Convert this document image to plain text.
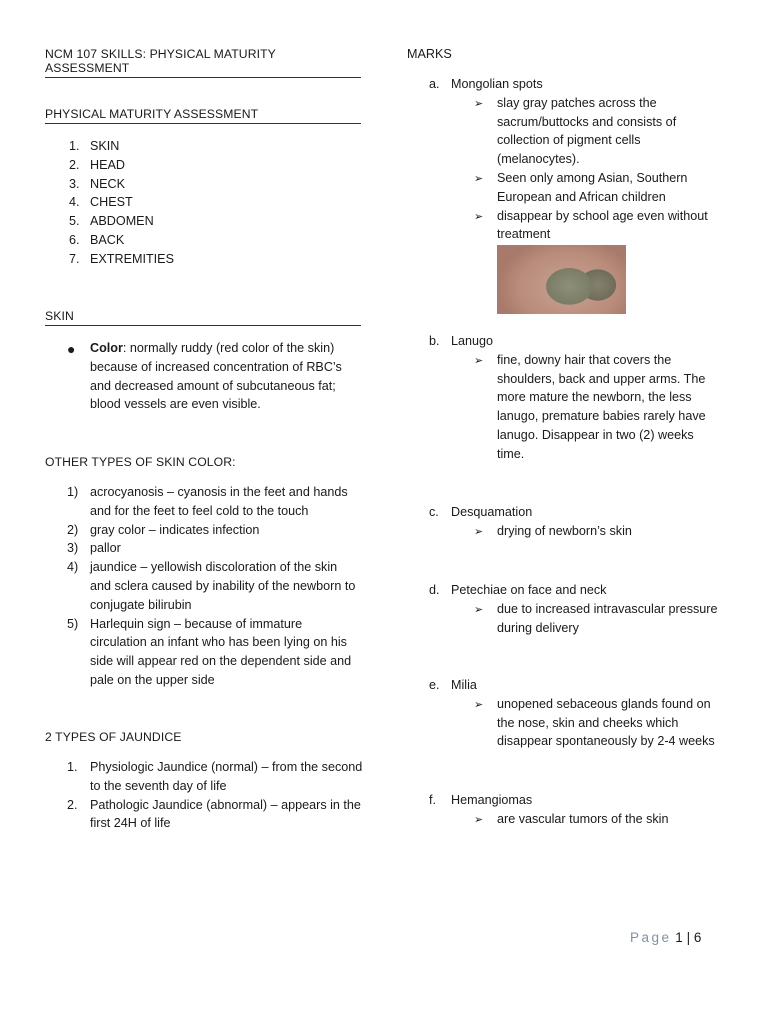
NCM 107 SKILLS: PHYSICAL MATURITY ASSESSMENT
PHYSICAL MATURITY ASSESSMENT
1. SKIN
2. HEAD
3. NECK
4. CHEST
5. ABDOMEN
6. BACK
7. EXTREMITIES
SKIN
● Color: normally ruddy (red color of the skin)
because of increased concentration of RBC’s
and decreased amount of subcutaneous fat;
blood vessels are even visible.
OTHER TYPES OF SKIN COLOR:
1) acrocyanosis – cyanosis in the feet and hands
and for the feet to feel cold to the touch
2) gray color – indicates infection
3) pallor
4) jaundice – yellowish discoloration of the skin
and sclera caused by inability of the newborn to
conjugate bilirubin
5) Harlequin sign – because of immature
circulation an infant who has been lying on his
side will appear red on the dependent side and
pale on the upper side
2 TYPES OF JAUNDICE
1. Physiologic Jaundice (normal) – from the second
to the seventh day of life
2. Pathologic Jaundice (abnormal) – appears in the
first 24H of life
MARKS
a. Mongolian spots
➢ slay gray patches across the
sacrum/buttocks and consists of
collection of pigment cells
(melanocytes).
➢ Seen only among Asian, Southern
European and African children
➢ disappear by school age even without
treatment
b. Lanugo
➢ fine, downy hair that covers the
shoulders, back and upper arms. The
more mature the newborn, the less
lanugo, premature babies rarely have
lanugo. Disappear in two (2) weeks
time.
c. Desquamation
➢ drying of newborn’s skin
d. Petechiae on face and neck
➢ due to increased intravascular pressure
during delivery
e. Milia
➢ unopened sebaceous glands found on
the nose, skin and cheeks which
disappear spontaneously by 2-4 weeks
f. Hemangiomas
➢ are vascular tumors of the skin
Page 1 | 6
